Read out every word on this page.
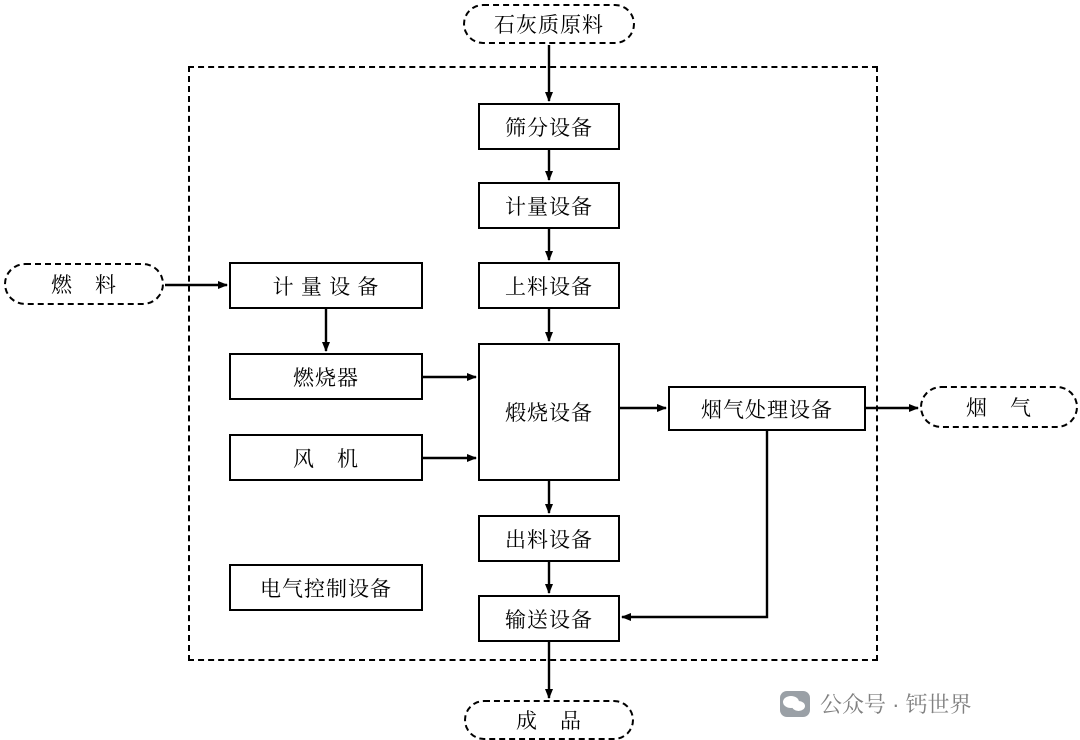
石灰质原料
燃　料
烟　气
成　品
筛分设备
计量设备
上料设备
煅烧设备
出料设备
输送设备
计 量 设 备
燃烧器
风　机
电气控制设备
烟气处理设备
公众号 · 钙世界
